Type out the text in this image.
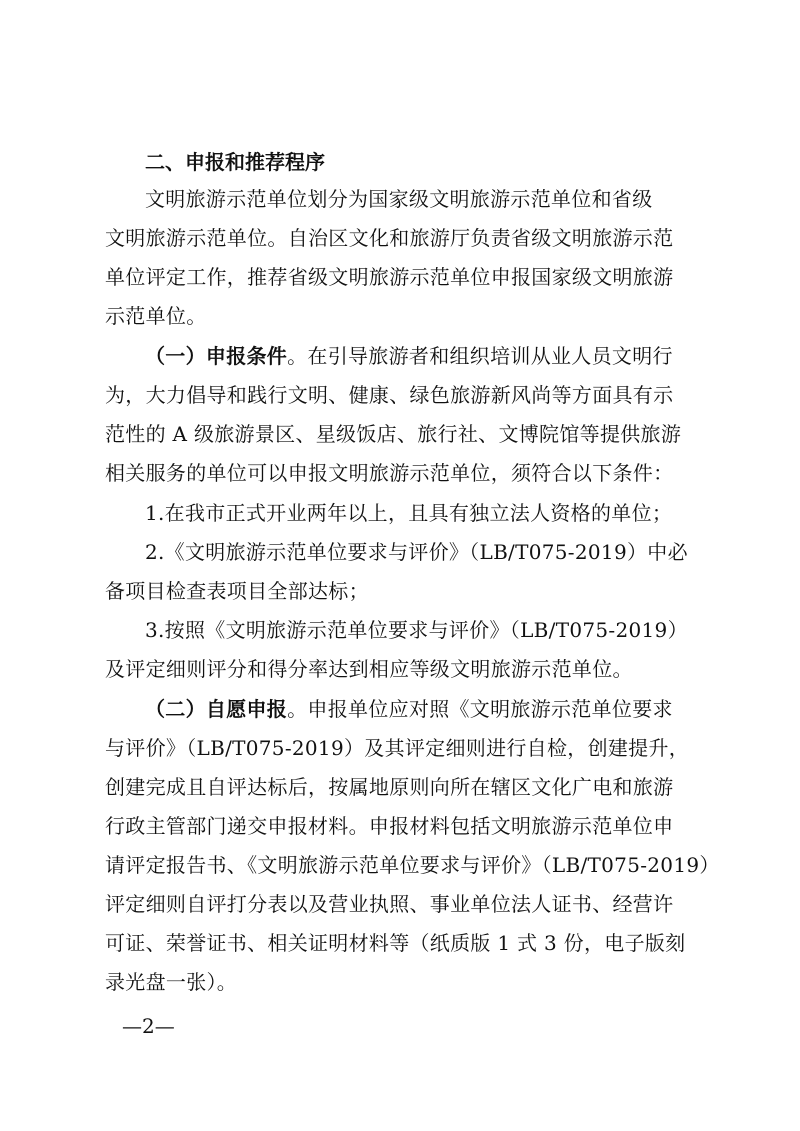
二、申报和推荐程序
文明旅游示范单位划分为国家级文明旅游示范单位和省级
文明旅游示范单位。自治区文化和旅游厅负责省级文明旅游示范
单位评定工作，推荐省级文明旅游示范单位申报国家级文明旅游
示范单位。
（一）申报条件。在引导旅游者和组织培训从业人员文明行
为，大力倡导和践行文明、健康、绿色旅游新风尚等方面具有示
范性的 A 级旅游景区、星级饭店、旅行社、文博院馆等提供旅游
相关服务的单位可以申报文明旅游示范单位，须符合以下条件：
1.在我市正式开业两年以上，且具有独立法人资格的单位；
2.《文明旅游示范单位要求与评价》（LB/T075-2019）中必
备项目检查表项目全部达标；
3.按照《文明旅游示范单位要求与评价》（LB/T075-2019）
及评定细则评分和得分率达到相应等级文明旅游示范单位。
（二）自愿申报。申报单位应对照《文明旅游示范单位要求
与评价》（LB/T075-2019）及其评定细则进行自检，创建提升，
创建完成且自评达标后，按属地原则向所在辖区文化广电和旅游
行政主管部门递交申报材料。申报材料包括文明旅游示范单位申
请评定报告书、《文明旅游示范单位要求与评价》（LB/T075-2019）
评定细则自评打分表以及营业执照、事业单位法人证书、经营许
可证、荣誉证书、相关证明材料等（纸质版 1 式 3 份，电子版刻
录光盘一张）。
—2—
